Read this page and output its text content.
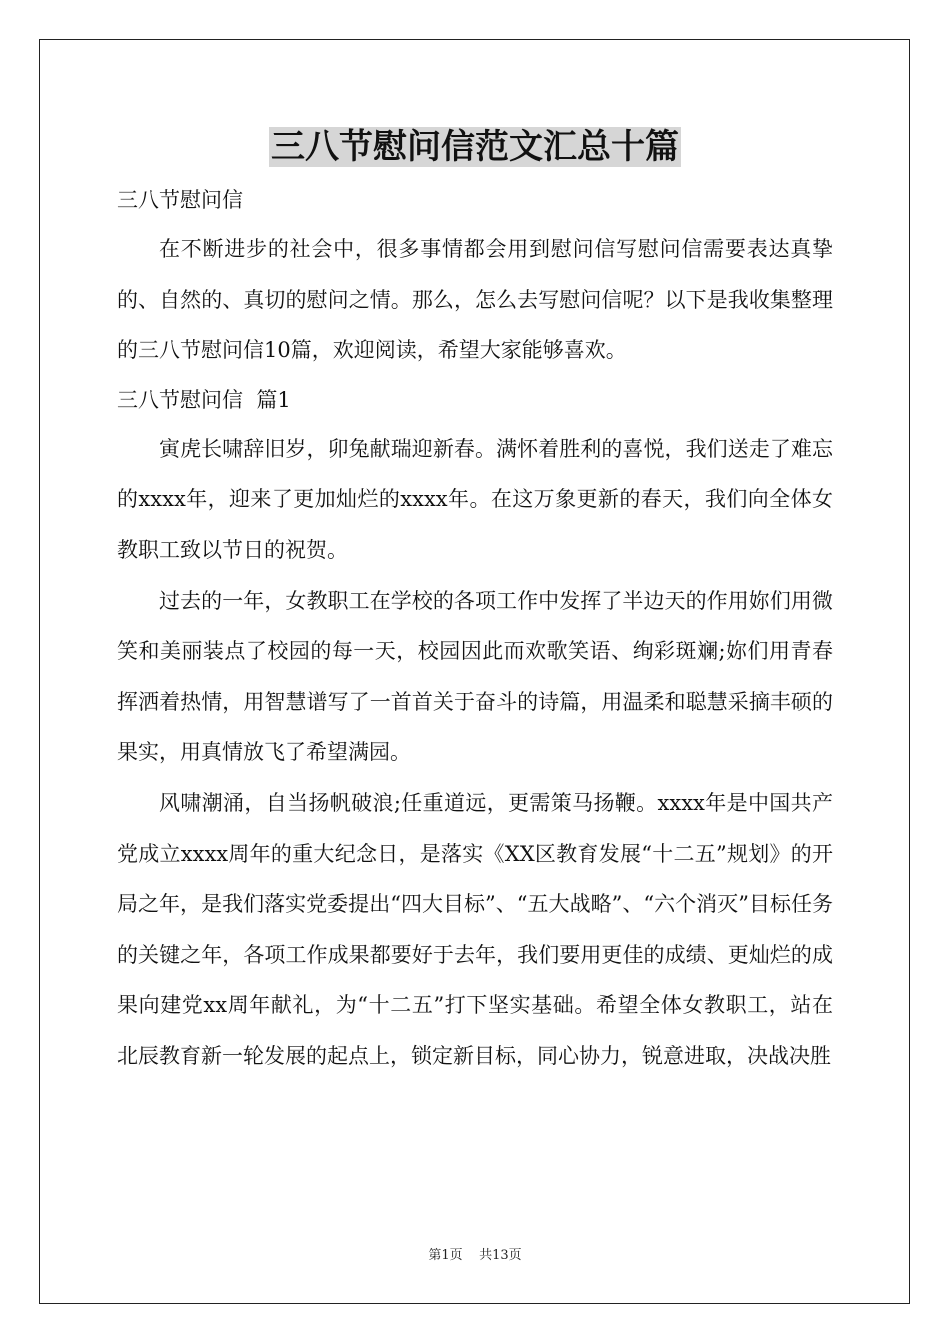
三八节慰问信范文汇总十篇

三八节慰问信

在不断进步的社会中，很多事情都会用到慰问信写慰问信需要表达真挚的、自然的、真切的慰问之情。那么，怎么去写慰问信呢？以下是我收集整理的三八节慰问信10篇，欢迎阅读，希望大家能够喜欢。

三八节慰问信  篇1

寅虎长啸辞旧岁，卯兔献瑞迎新春。满怀着胜利的喜悦，我们送走了难忘的xxxx年，迎来了更加灿烂的xxxx年。在这万象更新的春天，我们向全体女教职工致以节日的祝贺。

过去的一年，女教职工在学校的各项工作中发挥了半边天的作用妳们用微笑和美丽装点了校园的每一天，校园因此而欢歌笑语、绚彩斑斓;妳们用青春挥洒着热情，用智慧谱写了一首首关于奋斗的诗篇，用温柔和聪慧采摘丰硕的果实，用真情放飞了希望满园。

风啸潮涌，自当扬帆破浪;任重道远，更需策马扬鞭。xxxx年是中国共产党成立xxxx周年的重大纪念日，是落实《XX区教育发展“十二五”规划》的开局之年，是我们落实党委提出“四大目标”、“五大战略”、“六个消灭”目标任务的关键之年，各项工作成果都要好于去年，我们要用更佳的成绩、更灿烂的成果向建党xx周年献礼，为“十二五”打下坚实基础。希望全体女教职工，站在北辰教育新一轮发展的起点上，锁定新目标，同心协力，锐意进取，决战决胜

第1页    共13页
